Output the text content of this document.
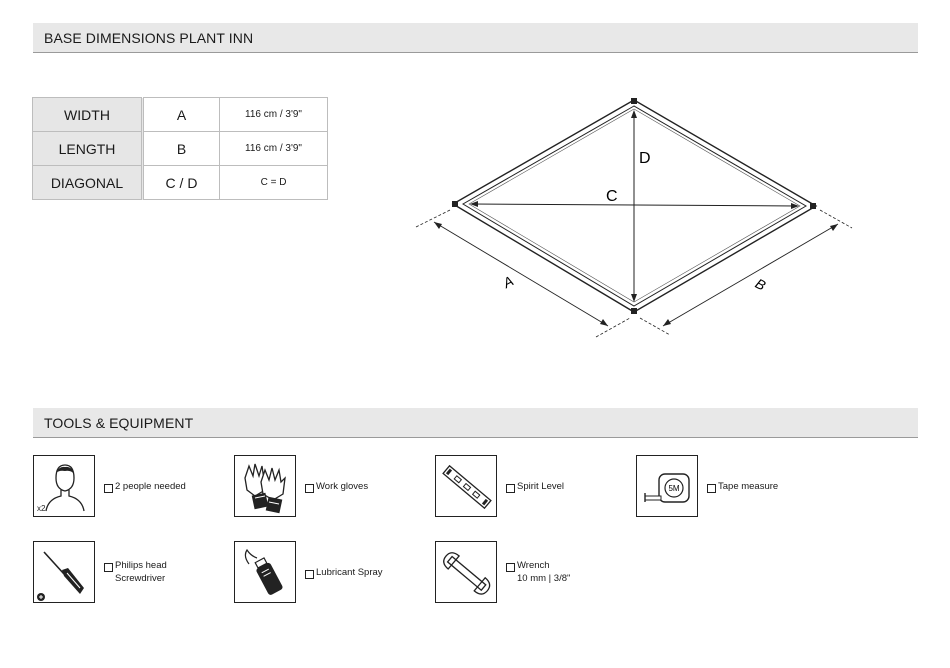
BASE DIMENSIONS PLANT INN
WIDTH	A	116 cm / 3'9"
LENGTH	B	116 cm / 3'9"
DIAGONAL	C / D	C = D
A	B
C
D
TOOLS & EQUIPMENT
x2
2 people needed	Work gloves	Spirit Level	5M	Tape measure
Philips head
Screwdriver
Lubricant Spray
Wrench
10 mm | 3/8"
